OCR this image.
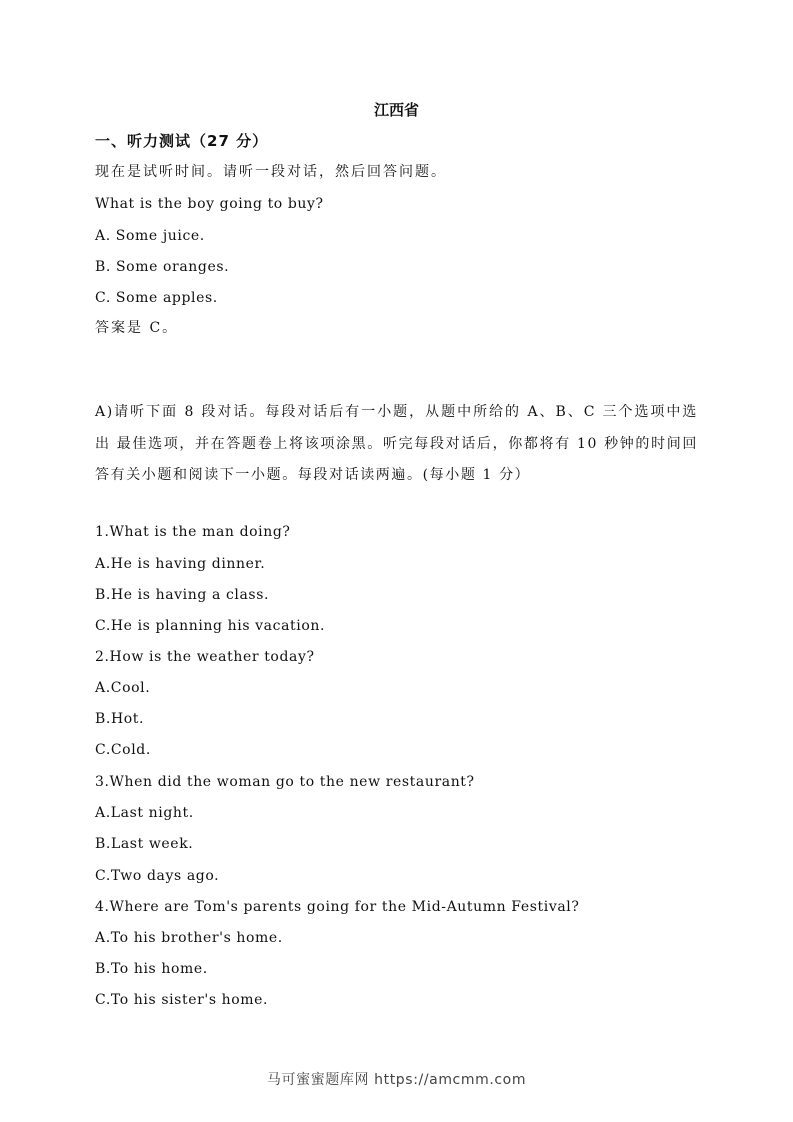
江西省
一、听力测试（27 分）
现在是试听时间。请听一段对话，然后回答问题。
What is the boy going to buy?
A. Some juice.
B. Some oranges.
C. Some apples.
答案是 C。
A)请听下面 8 段对话。每段对话后有一小题，从题中所给的 A、B、C 三个选项中选出 最佳选项，并在答题卷上将该项涂黑。听完每段对话后，你都将有 10 秒钟的时间回答有关小题和阅读下一小题。每段对话读两遍。(每小题 1 分）
1.What is the man doing?
A.He is having dinner.
B.He is having a class.
C.He is planning his vacation.
2.How is the weather today?
A.Cool.
B.Hot.
C.Cold.
3.When did the woman go to the new restaurant?
A.Last night.
B.Last week.
C.Two days ago.
4.Where are Tom's parents going for the Mid-Autumn Festival?
A.To his brother's home.
B.To his home.
C.To his sister's home.
马可蜜蜜题库网 https://amcmm.com
